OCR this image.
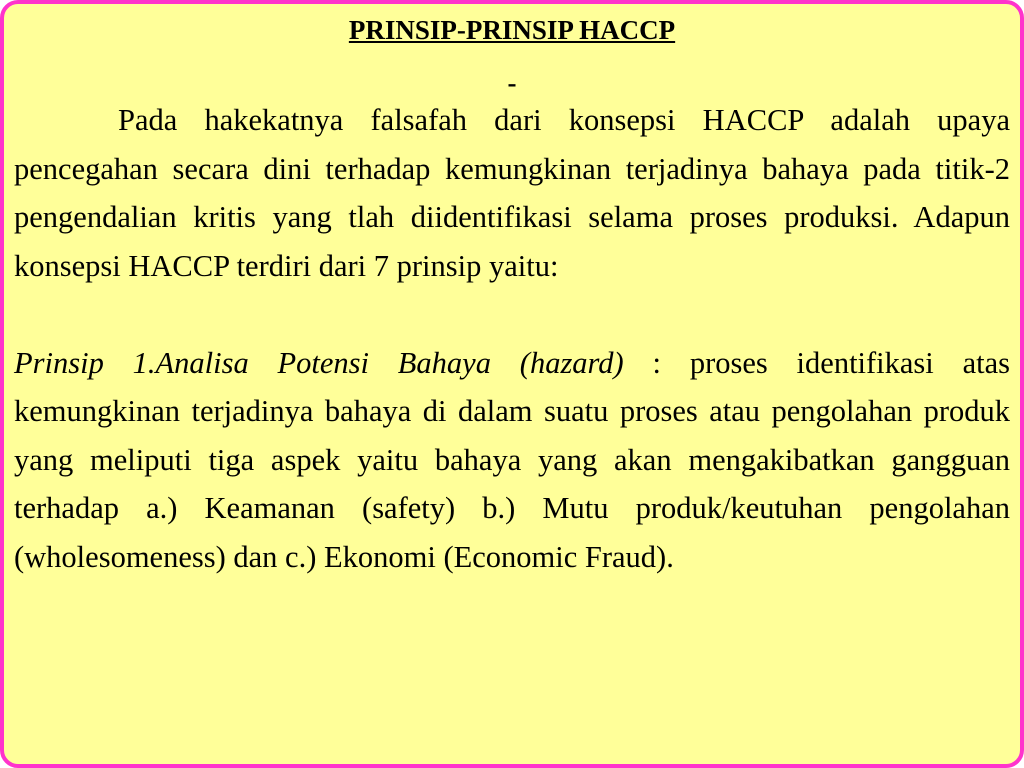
PRINSIP-PRINSIP HACCP
-

Pada hakekatnya falsafah dari konsepsi HACCP adalah upaya pencegahan secara dini terhadap kemungkinan terjadinya bahaya pada titik-2 pengendalian kritis yang tlah diidentifikasi selama proses produksi. Adapun konsepsi HACCP terdiri dari 7 prinsip yaitu:

Prinsip 1.Analisa Potensi Bahaya (hazard) : proses identifikasi atas kemungkinan terjadinya bahaya di dalam suatu proses atau pengolahan produk yang meliputi tiga aspek yaitu bahaya yang akan mengakibatkan gangguan terhadap a.) Keamanan (safety) b.) Mutu produk/keutuhan pengolahan (wholesomeness) dan c.) Ekonomi (Economic Fraud).
